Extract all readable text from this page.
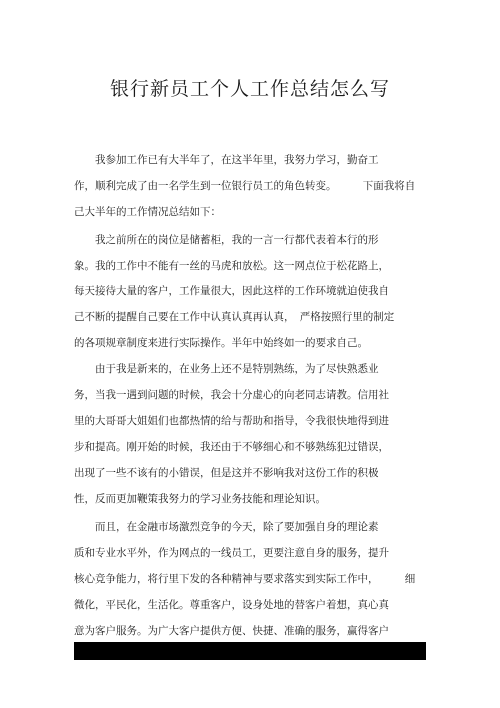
银行新员工个人工作总结怎么写
　　我参加工作已有大半年了，在这半年里，我努力学习，勤奋工
作，顺利完成了由一名学生到一位银行员工的角色转变。　　　下面我将自
己大半年的工作情况总结如下：
　　我之前所在的岗位是储蓄柜，我的一言一行都代表着本行的形
象。我的工作中不能有一丝的马虎和放松。这一网点位于松花路上，
每天接待大量的客户，工作量很大，因此这样的工作环境就迫使我自
己不断的提醒自己要在工作中认真认真再认真，　严格按照行里的制定
的各项规章制度来进行实际操作。半年中始终如一的要求自己。
　　由于我是新来的，在业务上还不是特别熟练，为了尽快熟悉业
务，当我一遇到问题的时候，我会十分虚心的向老同志请教。信用社
里的大哥哥大姐姐们也都热情的给与帮助和指导，令我很快地得到进
步和提高。刚开始的时候，我还由于不够细心和不够熟练犯过错误，
出现了一些不该有的小错误，但是这并不影响我对这份工作的积极
性，反而更加鞭策我努力的学习业务技能和理论知识。
　　而且，在金融市场激烈竞争的今天，除了要加强自身的理论素
质和专业水平外，作为网点的一线员工，更要注意自身的服务，提升
核心竞争能力，将行里下发的各种精神与要求落实到实际工作中，　　　细
微化，平民化，生活化。尊重客户，设身处地的替客户着想，真心真
意为客户服务。为广大客户提供方便、快捷、准确的服务，赢得客户
